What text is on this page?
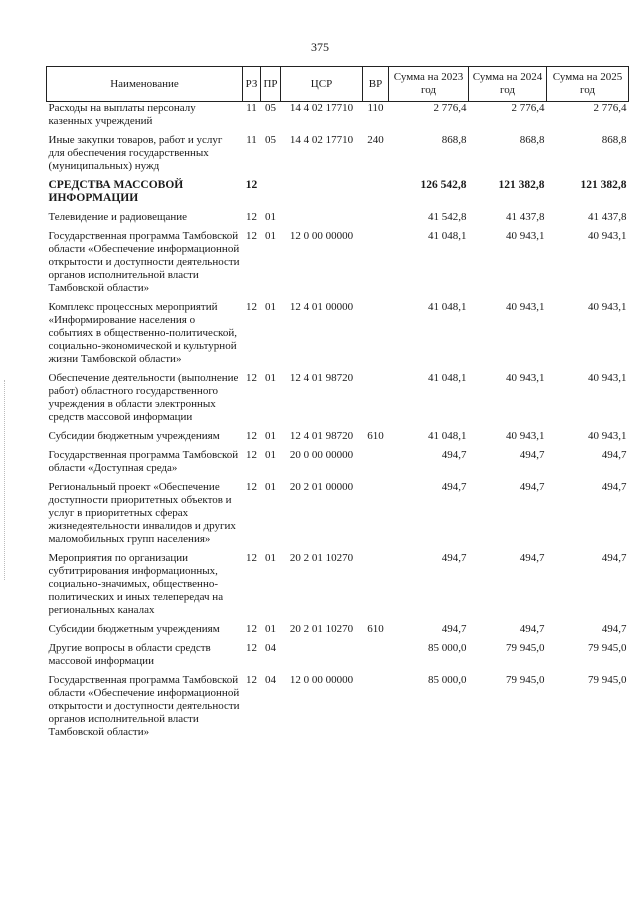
375
Наименование	РЗ	ПР	ЦСР	ВР	Сумма на 2023 год	Сумма на 2024 год	Сумма на 2025 год
Расходы на выплаты персоналу казенных учреждений	11	05	14 4 02 17710	110	2 776,4	2 776,4	2 776,4
Иные закупки товаров, работ и услуг для обеспечения государственных (муниципальных) нужд	11	05	14 4 02 17710	240	868,8	868,8	868,8
СРЕДСТВА МАССОВОЙ ИНФОРМАЦИИ	12				126 542,8	121 382,8	121 382,8
Телевидение и радиовещание	12	01			41 542,8	41 437,8	41 437,8
Государственная программа Тамбовской области «Обеспечение информационной открытости и доступности деятельности органов исполнительной власти Тамбовской области»	12	01	12 0 00 00000		41 048,1	40 943,1	40 943,1
Комплекс процессных мероприятий «Информирование населения о событиях в общественно-политической, социально-экономической и культурной жизни Тамбовской области»	12	01	12 4 01 00000		41 048,1	40 943,1	40 943,1
Обеспечение деятельности (выполнение работ) областного государственного учреждения в области электронных средств массовой информации	12	01	12 4 01 98720		41 048,1	40 943,1	40 943,1
Субсидии бюджетным учреждениям	12	01	12 4 01 98720	610	41 048,1	40 943,1	40 943,1
Государственная программа Тамбовской области «Доступная среда»	12	01	20 0 00 00000		494,7	494,7	494,7
Региональный проект «Обеспечение доступности приоритетных объектов и услуг в приоритетных сферах жизнедеятельности инвалидов и других маломобильных групп населения»	12	01	20 2 01 00000		494,7	494,7	494,7
Мероприятия по организации субтитрирования информационных, социально-значимых, общественно-политических и иных телепередач на региональных каналах	12	01	20 2 01 10270		494,7	494,7	494,7
Субсидии бюджетным учреждениям	12	01	20 2 01 10270	610	494,7	494,7	494,7
Другие вопросы в области средств массовой информации	12	04			85 000,0	79 945,0	79 945,0
Государственная программа Тамбовской области «Обеспечение информационной открытости и доступности деятельности органов исполнительной власти Тамбовской области»	12	04	12 0 00 00000		85 000,0	79 945,0	79 945,0
